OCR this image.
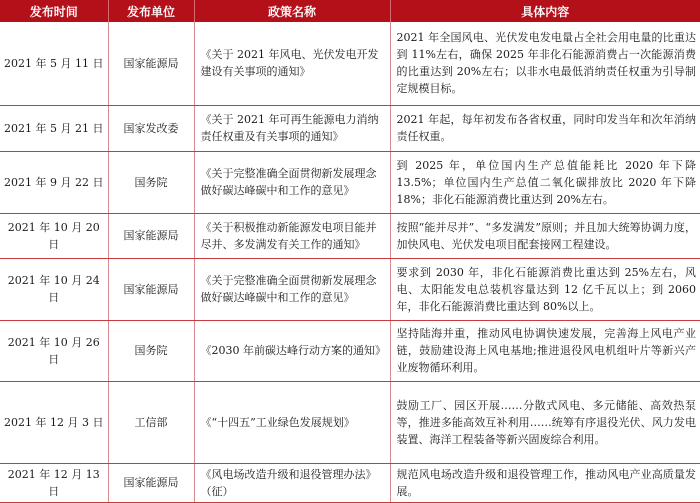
发布时间	发布单位	政策名称	具体内容
2021 年 5 月 11 日	国家能源局	《关于 2021 年风电、光伏发电开发建设有关事项的通知》	2021 年全国风电、光伏发电发电量占全社会用电量的比重达到 11%左右，确保 2025 年非化石能源消费占一次能源消费的比重达到 20%左右；以非水电最低消纳责任权重为引导制定规模目标。
2021 年 5 月 21 日	国家发改委	《关于 2021 年可再生能源电力消纳责任权重及有关事项的通知》	2021 年起，每年初发布各省权重，同时印发当年和次年消纳责任权重。
2021 年 9 月 22 日	国务院	《关于完整准确全面贯彻新发展理念做好碳达峰碳中和工作的意见》	到 2025 年，单位国内生产总值能耗比 2020 年下降 13.5%；单位国内生产总值二氧化碳排放比 2020 年下降 18%；非化石能源消费比重达到 20%左右。
2021 年 10 月 20 日	国家能源局	《关于积极推动新能源发电项目能并尽并、多发满发有关工作的通知》	按照“能并尽并”、“多发满发”原则；并且加大统筹协调力度，加快风电、光伏发电项目配套接网工程建设。
2021 年 10 月 24 日	国家能源局	《关于完整准确全面贯彻新发展理念做好碳达峰碳中和工作的意见》	要求到 2030 年，非化石能源消费比重达到 25%左右，风电、太阳能发电总装机容量达到 12 亿千瓦以上；到 2060 年，非化石能源消费比重达到 80%以上。
2021 年 10 月 26 日	国务院	《2030 年前碳达峰行动方案的通知》	坚持陆海并重，推动风电协调快速发展，完善海上风电产业链，鼓励建设海上风电基地;推进退役风电机组叶片等新兴产业废物循环利用。
2021 年 12 月 3 日	工信部	《“十四五”工业绿色发展规划》	鼓励工厂、园区开展……分散式风电、多元储能、高效热泵等，推进多能高效互补利用……统筹有序退役光伏、风力发电装置、海洋工程装备等新兴固废综合利用。
2021 年 12 月 13 日	国家能源局	《风电场改造升级和退役管理办法》（征）	规范风电场改造升级和退役管理工作，推动风电产业高质量发展。
